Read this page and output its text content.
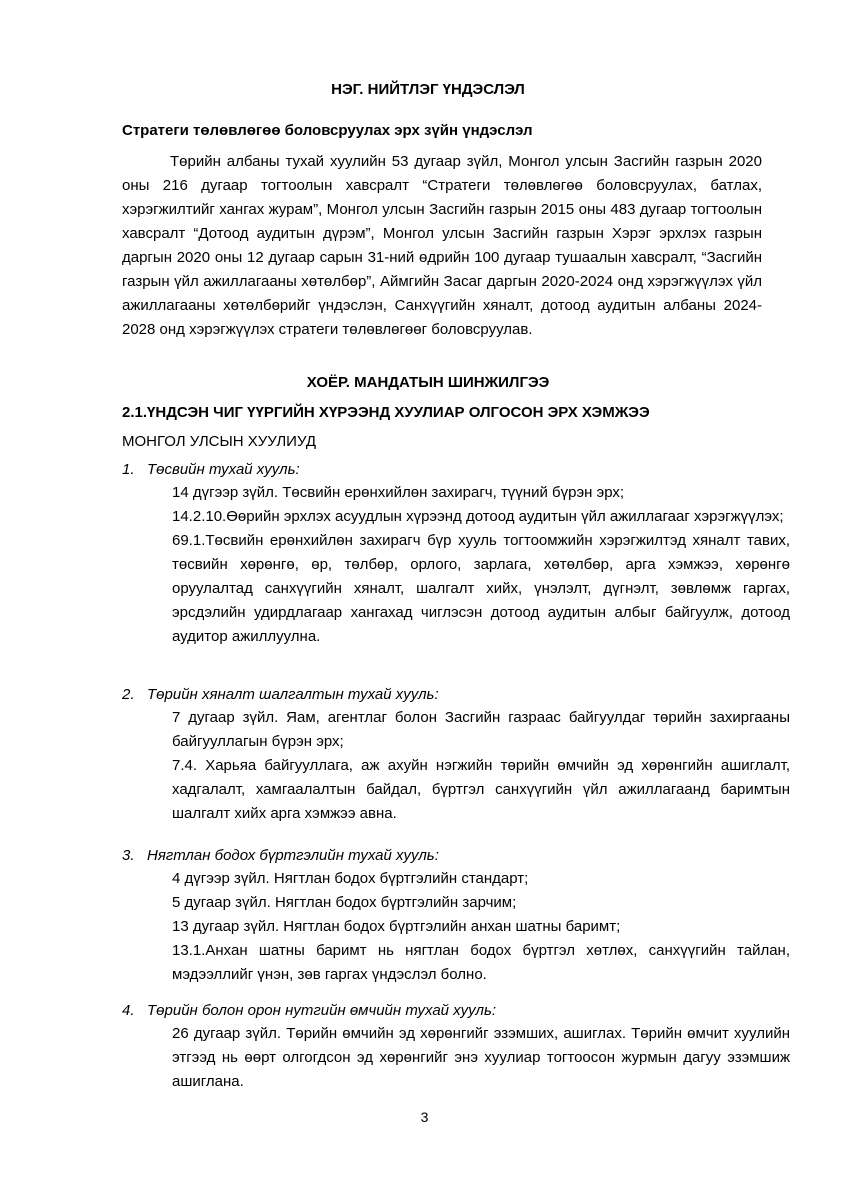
НЭГ. НИЙТЛЭГ ҮНДЭСЛЭЛ
Стратеги төлөвлөгөө боловсруулах эрх зүйн үндэслэл

Төрийн албаны тухай хуулийн 53 дугаар зүйл, Монгол улсын Засгийн газрын 2020 оны 216 дугаар тогтоолын хавсралт “Стратеги төлөвлөгөө боловсруулах, батлах, хэрэгжилтийг хангах журам”, Монгол улсын Засгийн газрын 2015 оны 483 дугаар тогтоолын хавсралт “Дотоод аудитын дүрэм”, Монгол улсын Засгийн газрын Хэрэг эрхлэх газрын даргын 2020 оны 12 дугаар сарын 31-ний өдрийн 100 дугаар тушаалын хавсралт, “Засгийн газрын үйл ажиллагааны хөтөлбөр”, Аймгийн Засаг даргын 2020-2024 онд хэрэгжүүлэх үйл ажиллагааны хөтөлбөрийг үндэслэн, Санхүүгийн хяналт, дотоод аудитын албаны 2024-2028 онд хэрэгжүүлэх стратеги төлөвлөгөөг боловсруулав.

ХОЁР. МАНДАТЫН ШИНЖИЛГЭЭ
2.1.ҮНДСЭН ЧИГ ҮҮРГИЙН ХҮРЭЭНД ХУУЛИАР ОЛГОСОН ЭРХ ХЭМЖЭЭ

МОНГОЛ УЛСЫН ХУУЛИУД

1. Төсвийн тухай хууль:

14 дүгээр зүйл. Төсвийн ерөнхийлөн захирагч, түүний бүрэн эрх;

14.2.10.Өөрийн эрхлэх асуудлын хүрээнд дотоод аудитын үйл ажиллагааг хэрэгжүүлэх;

69.1.Төсвийн ерөнхийлөн захирагч бүр хууль тогтоомжийн хэрэгжилтэд хяналт тавих, төсвийн хөрөнгө, өр, төлбөр, орлого, зарлага, хөтөлбөр, арга хэмжээ, хөрөнгө оруулалтад санхүүгийн хяналт, шалгалт хийх, үнэлэлт, дүгнэлт, зөвлөмж гаргах, эрсдэлийн удирдлагаар хангахад чиглэсэн дотоод аудитын албыг байгуулж, дотоод аудитор ажиллуулна.

2. Төрийн хяналт шалгалтын тухай хууль:

7 дугаар зүйл. Яам, агентлаг болон Засгийн газраас байгуулдаг төрийн захиргааны байгууллагын бүрэн эрх;

7.4. Харьяа байгууллага, аж ахуйн нэгжийн төрийн өмчийн эд хөрөнгийн ашиглалт, хадгалалт, хамгаалалтын байдал, бүртгэл санхүүгийн үйл ажиллагаанд баримтын шалгалт хийх арга хэмжээ авна.

3. Нягтлан бодох бүртгэлийн тухай хууль:

4 дүгээр зүйл. Нягтлан бодох бүртгэлийн стандарт;

5 дугаар зүйл. Нягтлан бодох бүртгэлийн зарчим;

13 дугаар зүйл. Нягтлан бодох бүртгэлийн анхан шатны баримт;

13.1.Анхан шатны баримт нь нягтлан бодох бүртгэл хөтлөх, санхүүгийн тайлан, мэдээллийг үнэн, зөв гаргах үндэслэл болно.

4. Төрийн болон орон нутгийн өмчийн тухай хууль:

26 дугаар зүйл. Төрийн өмчийн эд хөрөнгийг эзэмших, ашиглах. Төрийн өмчит хуулийн этгээд нь өөрт олгогдсон эд хөрөнгийг энэ хуулиар тогтоосон журмын дагуу эзэмшиж ашиглана.

3
